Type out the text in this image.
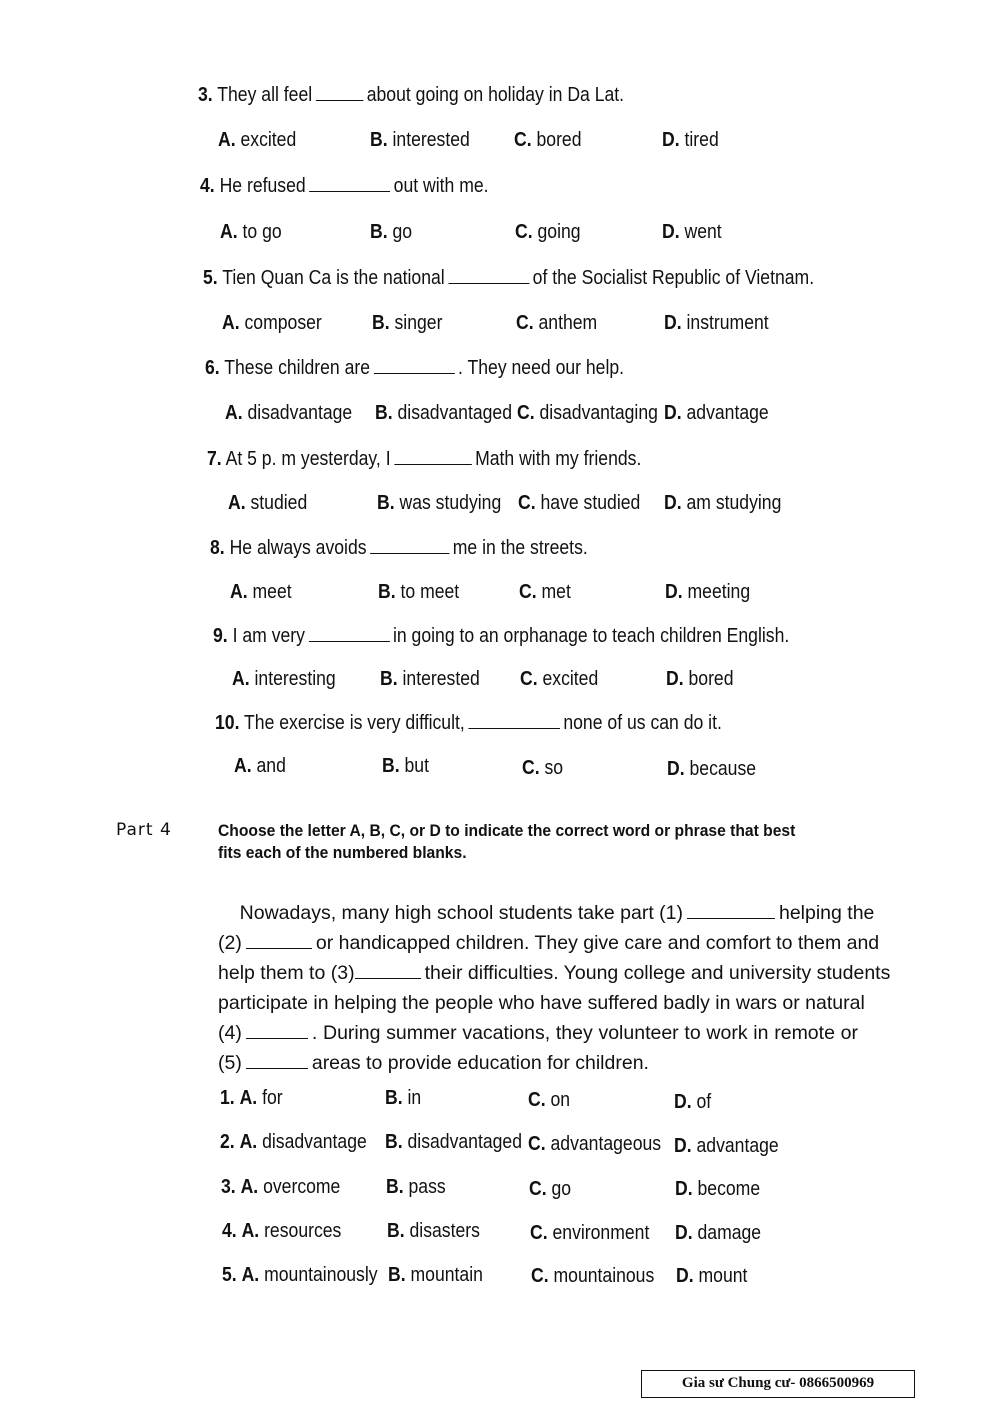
3. They all feel	about going on holiday in Da Lat.
A. excited	B. interested C. bored	D. tired
4. He refused	out with me.
A. to go	B. go	C. going	D. went
5. Tien Quan Ca is the national	of the Socialist Republic of Vietnam.
A. composer	B. singer	C. anthem	D. instrument
6. These children are	. They need our help.
A. disadvantage B. disadvantaged C. disadvantaging D. advantage
7. At 5 p. m yesterday, I	Math with my friends.
A. studied	B. was studying C. have studied D. am studying
8. He always avoids	me in the streets.
A. meet	B. to meet	C. met	D. meeting
9. I am very	in going to an orphanage to teach children English.
A. interesting B. interested C. excited	D. bored
10. The exercise is very difficult,	none of us can do it.
A. and	B. but	C. so	D. because
Part 4	Choose the letter A, B, C, or D to indicate the correct word or phrase that best fits each of the numbered blanks.
Nowadays, many high school students take part (1)	helping the
(2)	or handicapped children. They give care and comfort to them and
help them to (3)	their difficulties. Young college and university students
participate in helping the people who have suffered badly in wars or natural
(4)	. During summer vacations, they volunteer to work in remote or
(5)	areas to provide education for children.
1. A. for	B. in	C. on	D. of
2. A. disadvantage B. disadvantaged C. advantageous D. advantage
3. A. overcome B. pass	C. go	D. become
4. A. resources B. disasters	C. environment D. damage
5. A. mountainously B. mountain C. mountainous D. mount
Gia sư Chung cư- 0866500969
